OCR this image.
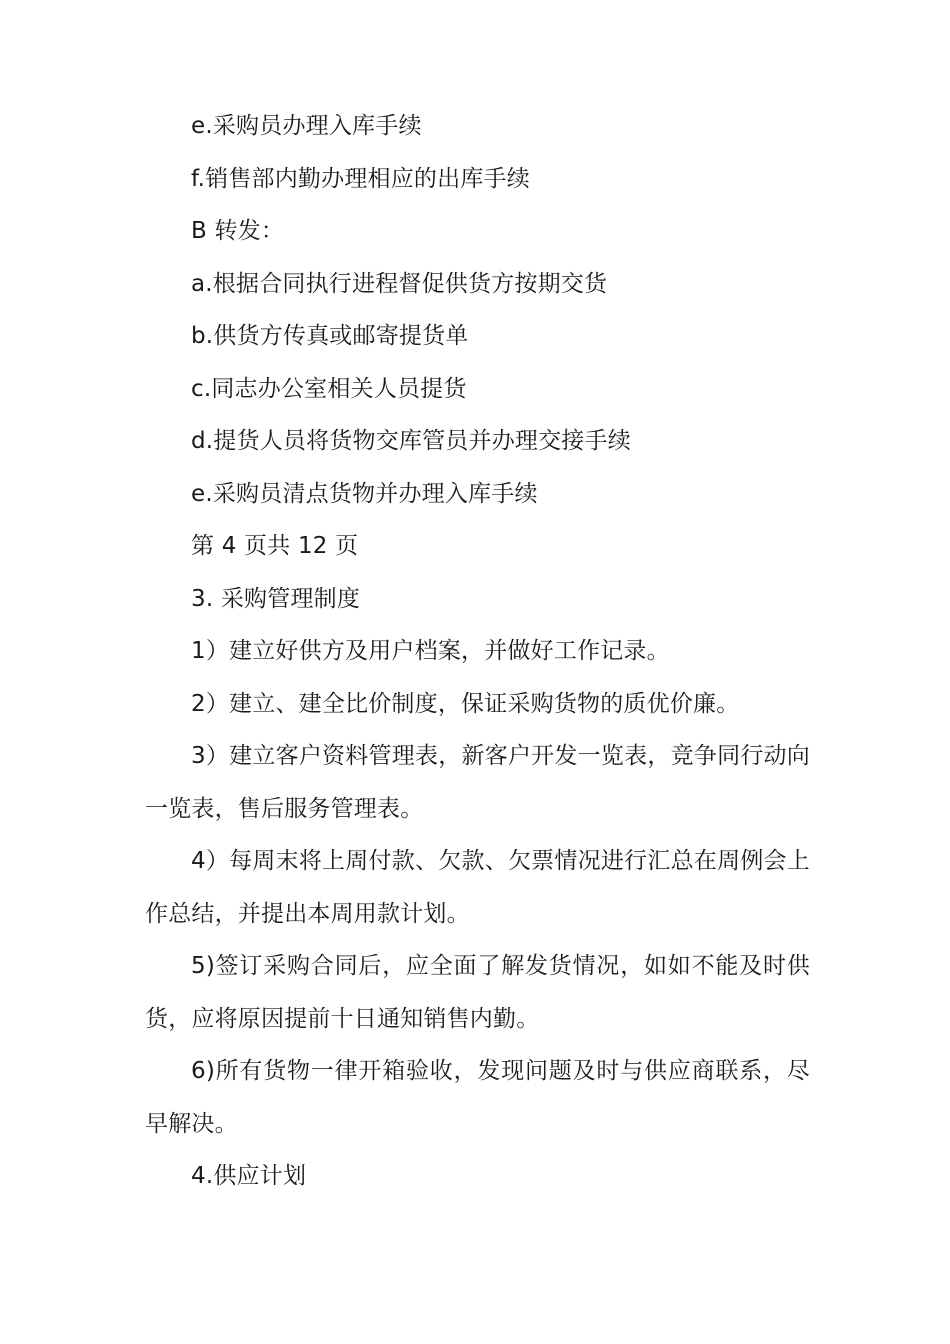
e.采购员办理入库手续

f.销售部内勤办理相应的出库手续

B 转发：

a.根据合同执行进程督促供货方按期交货

b.供货方传真或邮寄提货单

c.同志办公室相关人员提货

d.提货人员将货物交库管员并办理交接手续

e.采购员清点货物并办理入库手续

第 4 页共 12 页

3. 采购管理制度

1）建立好供方及用户档案，并做好工作记录。

2）建立、建全比价制度，保证采购货物的质优价廉。

3）建立客户资料管理表，新客户开发一览表，竞争同行动向一览表，售后服务管理表。

4）每周末将上周付款、欠款、欠票情况进行汇总在周例会上作总结，并提出本周用款计划。

5)签订采购合同后，应全面了解发货情况，如如不能及时供货，应将原因提前十日通知销售内勤。

6)所有货物一律开箱验收，发现问题及时与供应商联系，尽早解决。

4.供应计划
